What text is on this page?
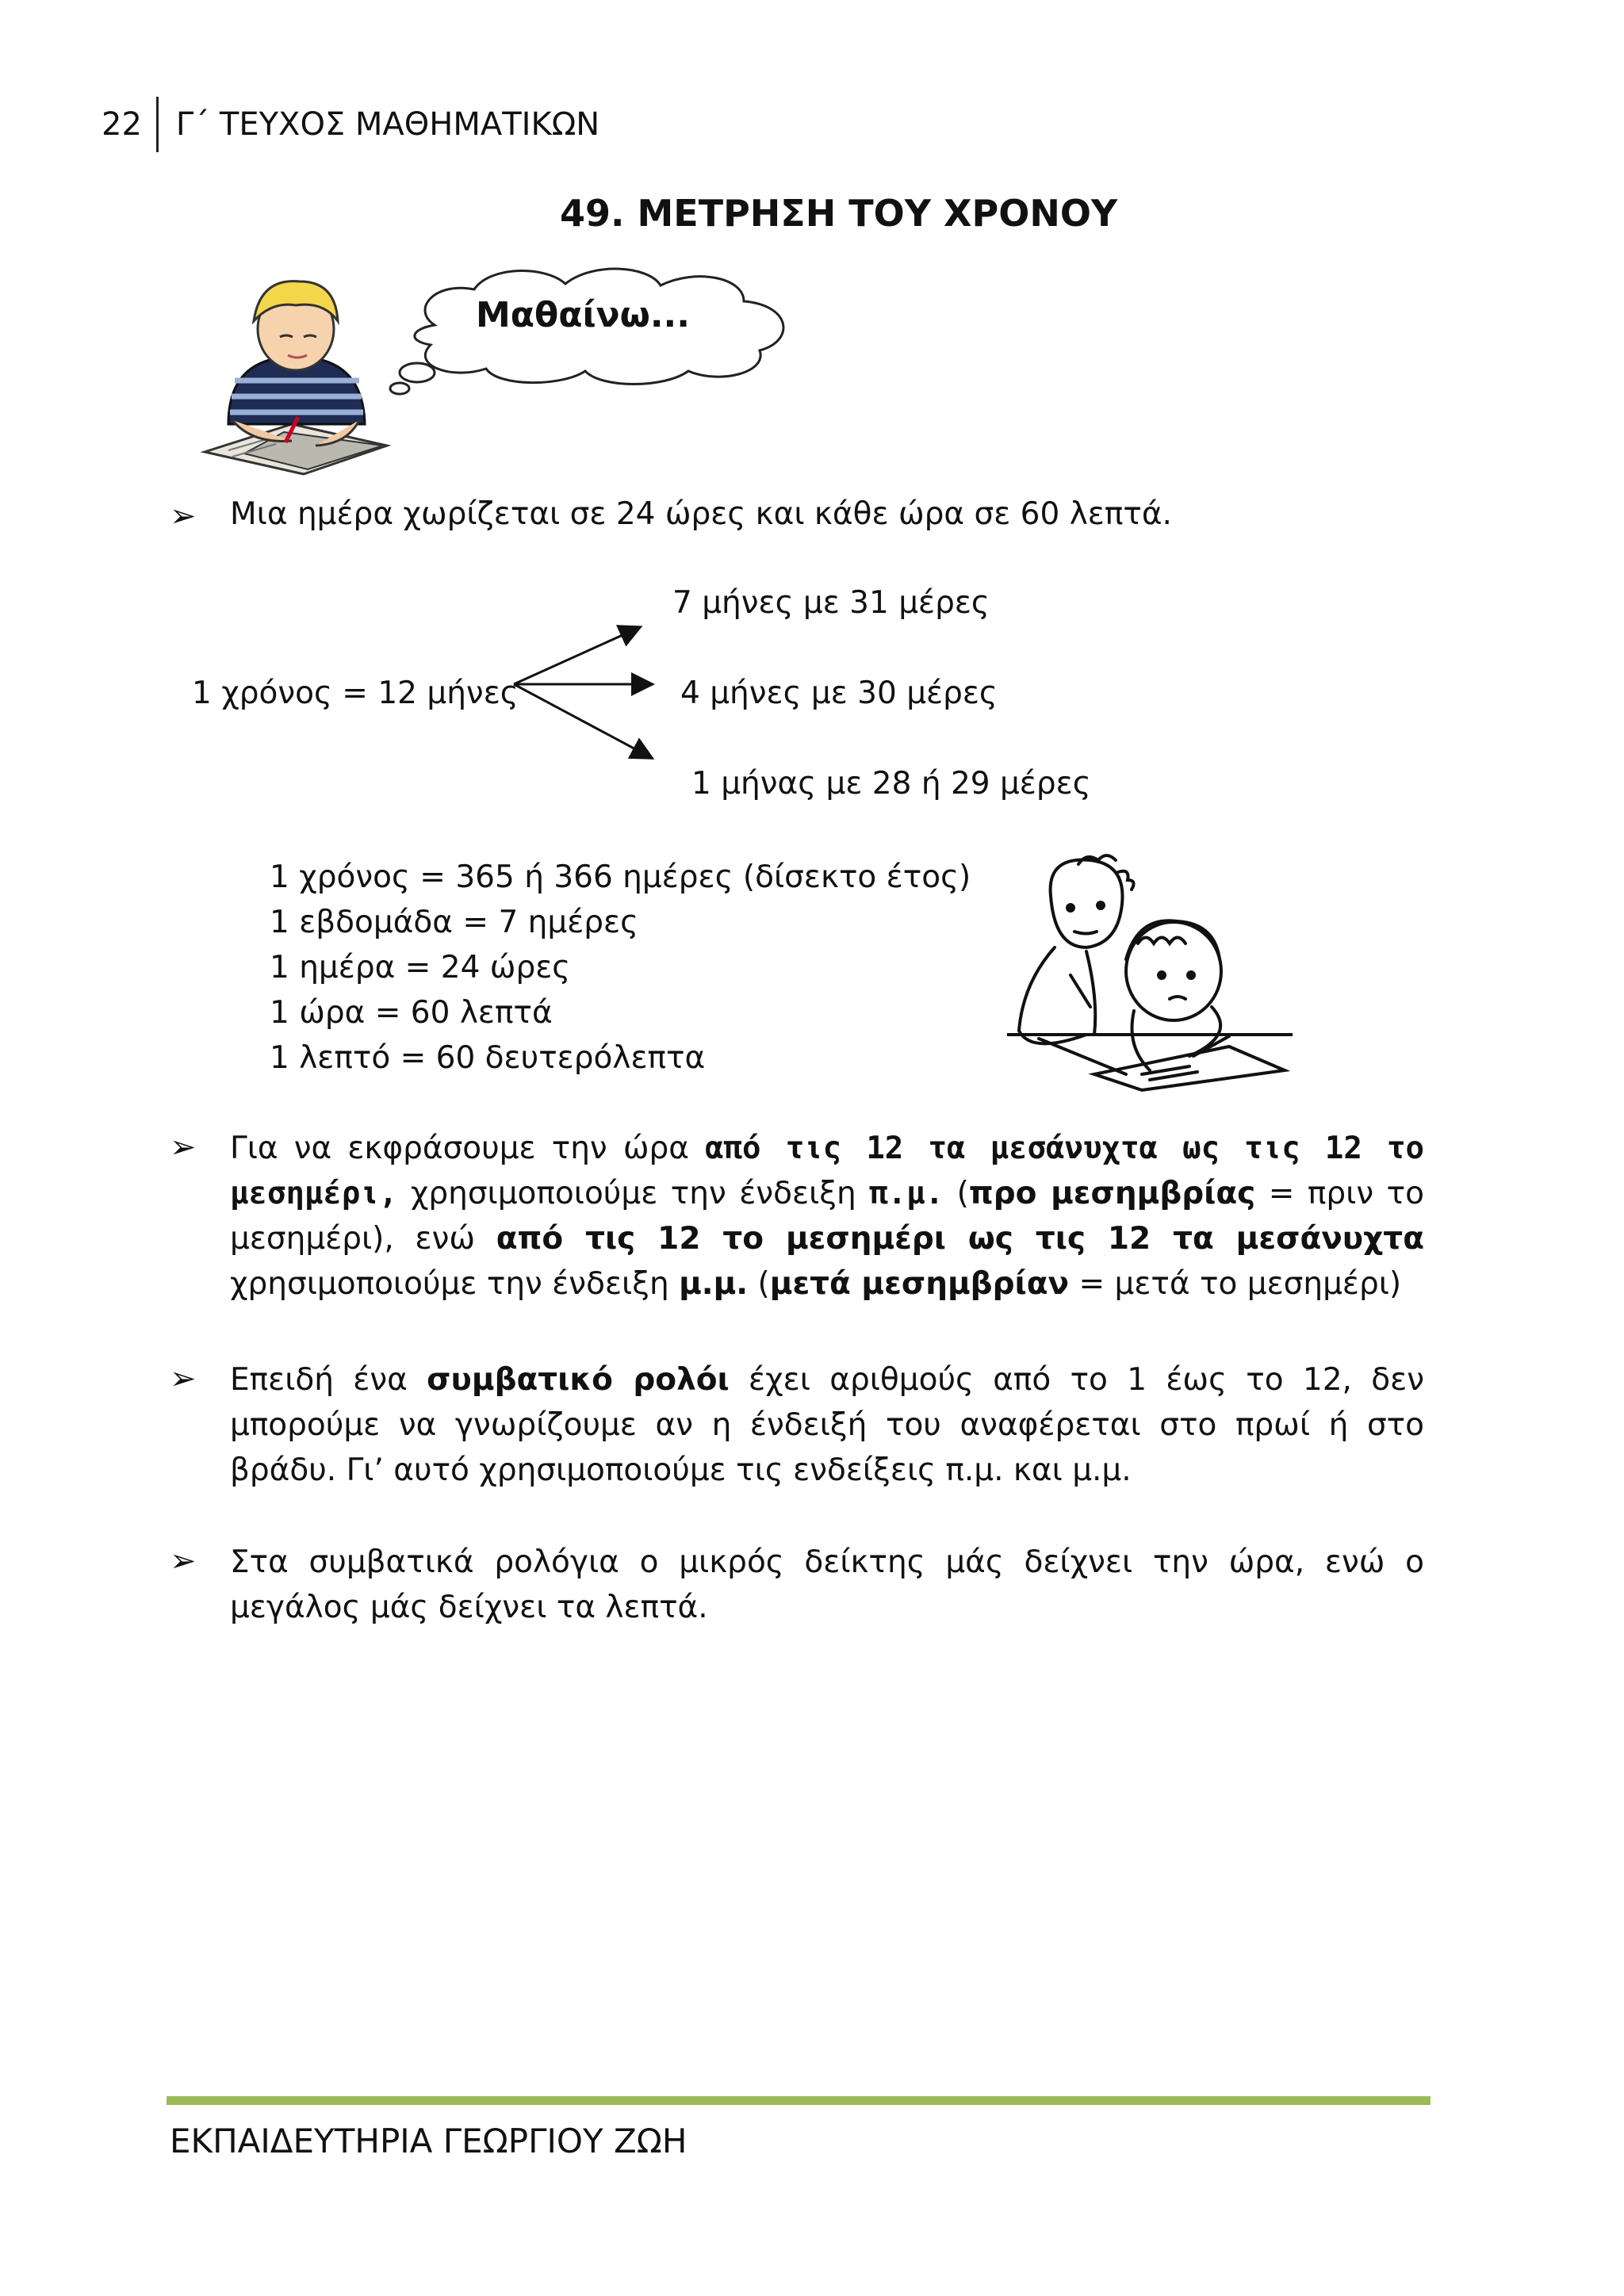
22	Γ΄ ΤΕΥΧΟΣ ΜΑΘΗΜΑΤΙΚΩΝ
49. ΜΕΤΡΗΣΗ ΤΟΥ ΧΡΟΝΟΥ
Μαθαίνω...
➢ Μια ημέρα χωρίζεται σε 24 ώρες και κάθε ώρα σε 60 λεπτά.
7 μήνες με 31 μέρες
1 χρόνος = 12 μήνες	4 μήνες με 30 μέρες
1 μήνας με 28 ή 29 μέρες
1 χρόνος = 365 ή 366 ημέρες (δίσεκτο έτος)
1 εβδομάδα = 7 ημέρες
1 ημέρα = 24 ώρες
1 ώρα = 60 λεπτά
1 λεπτό = 60 δευτερόλεπτα
➢ Για να εκφράσουμε την ώρα από τις 12 τα μεσάνυχτα ως τις 12 το μεσημέρι, χρησιμοποιούμε την ένδειξη π.μ. (προ μεσημβρίας = πριν το μεσημέρι), ενώ από τις 12 το μεσημέρι ως τις 12 τα μεσάνυχτα χρησιμοποιούμε την ένδειξη μ.μ. (μετά μεσημβρίαν = μετά το μεσημέρι)
➢ Επειδή ένα συμβατικό ρολόι έχει αριθμούς από το 1 έως το 12, δεν μπορούμε να γνωρίζουμε αν η ένδειξή του αναφέρεται στο πρωί ή στο βράδυ. Γι’ αυτό χρησιμοποιούμε τις ενδείξεις π.μ. και μ.μ.
➢ Στα συμβατικά ρολόγια ο μικρός δείκτης μάς δείχνει την ώρα, ενώ ο μεγάλος μάς δείχνει τα λεπτά.
ΕΚΠΑΙΔΕΥΤΗΡΙΑ ΓΕΩΡΓΙΟΥ ΖΩΗ
